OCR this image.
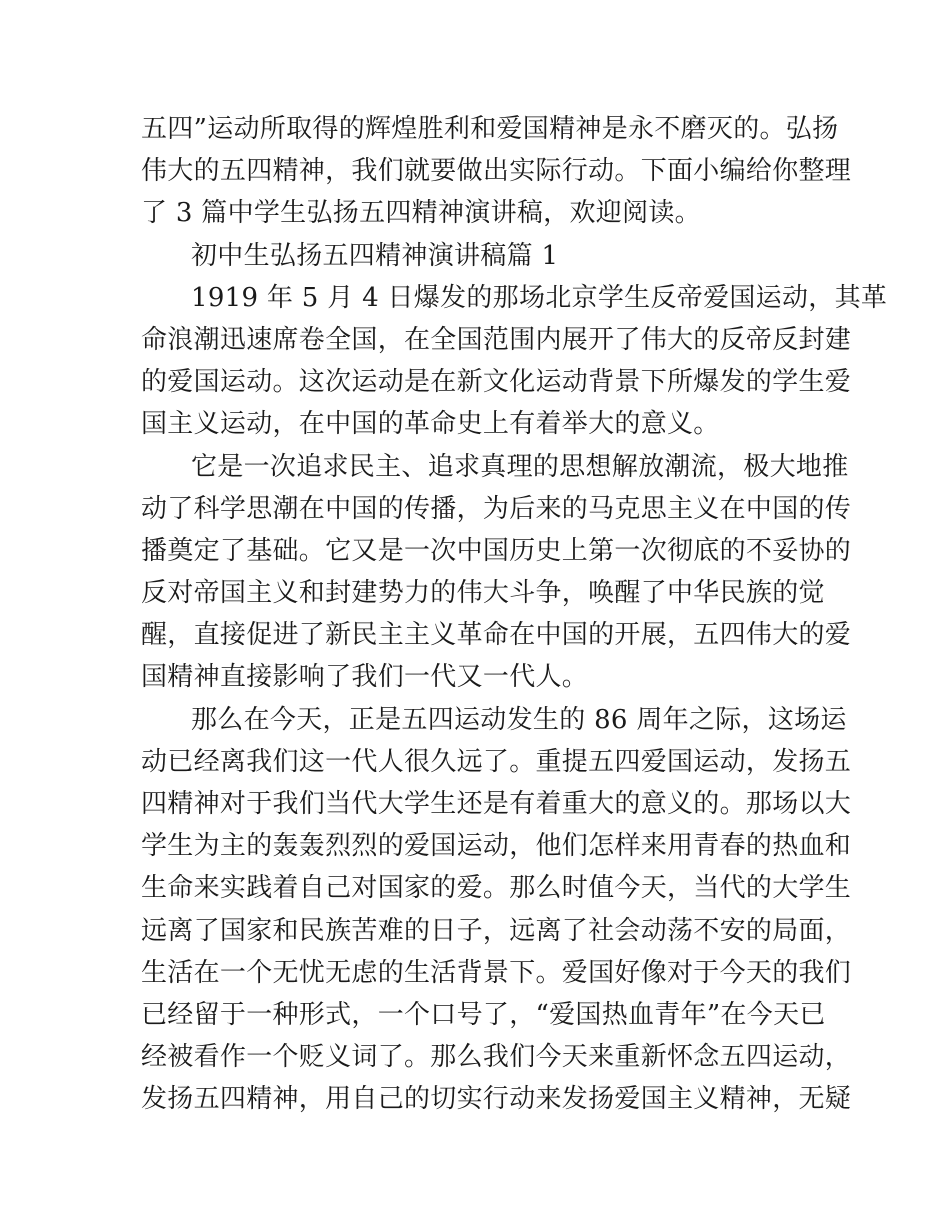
五四”运动所取得的辉煌胜利和爱国精神是永不磨灭的。弘扬
伟大的五四精神，我们就要做出实际行动。下面小编给你整理
了 3 篇中学生弘扬五四精神演讲稿，欢迎阅读。
初中生弘扬五四精神演讲稿篇 1
1919 年 5 月 4 日爆发的那场北京学生反帝爱国运动，其革
命浪潮迅速席卷全国，在全国范围内展开了伟大的反帝反封建
的爱国运动。这次运动是在新文化运动背景下所爆发的学生爱
国主义运动，在中国的革命史上有着举大的意义。
它是一次追求民主、追求真理的思想解放潮流，极大地推
动了科学思潮在中国的传播，为后来的马克思主义在中国的传
播奠定了基础。它又是一次中国历史上第一次彻底的不妥协的
反对帝国主义和封建势力的伟大斗争，唤醒了中华民族的觉
醒，直接促进了新民主主义革命在中国的开展，五四伟大的爱
国精神直接影响了我们一代又一代人。
那么在今天，正是五四运动发生的 86 周年之际，这场运
动已经离我们这一代人很久远了。重提五四爱国运动，发扬五
四精神对于我们当代大学生还是有着重大的意义的。那场以大
学生为主的轰轰烈烈的爱国运动，他们怎样来用青春的热血和
生命来实践着自己对国家的爱。那么时值今天，当代的大学生
远离了国家和民族苦难的日子，远离了社会动荡不安的局面，
生活在一个无忧无虑的生活背景下。爱国好像对于今天的我们
已经留于一种形式，一个口号了，“爱国热血青年”在今天已
经被看作一个贬义词了。那么我们今天来重新怀念五四运动，
发扬五四精神，用自己的切实行动来发扬爱国主义精神，无疑
